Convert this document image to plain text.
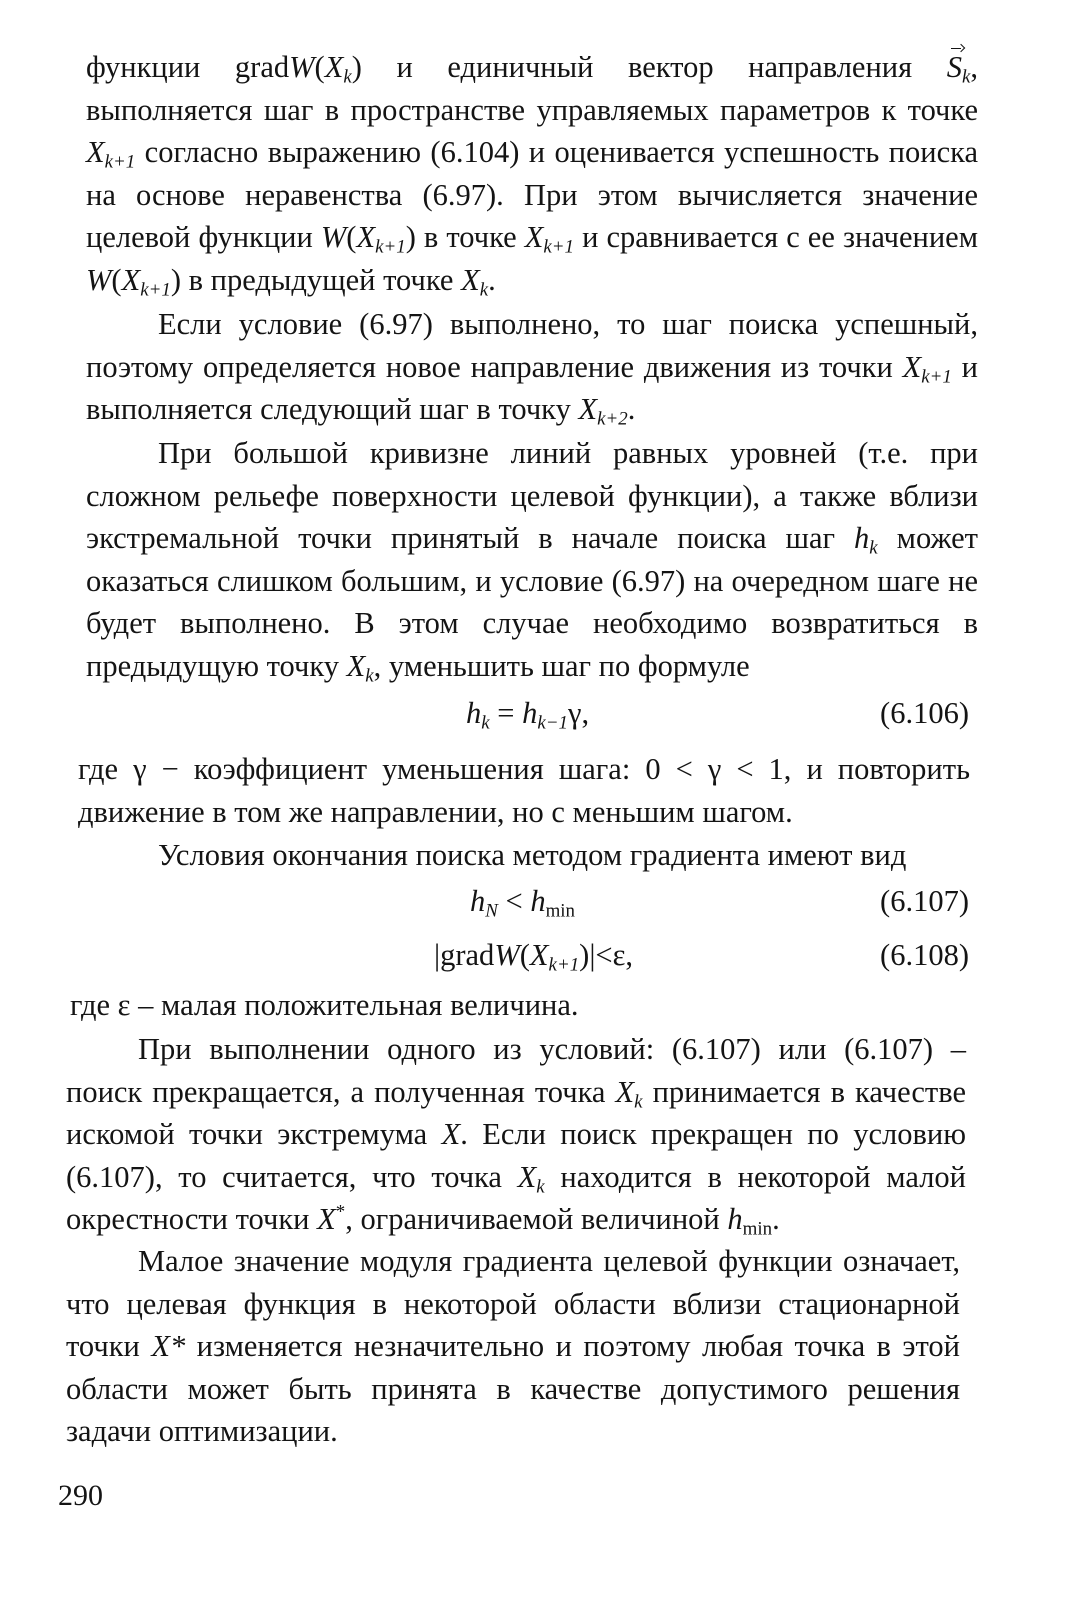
функции $gradW(X_k)$ и единичный вектор направления $S_k$, выполняется шаг в пространстве управляемых параметров к точке $X_{k+1}$ согласно выражению (6.104) и оценивается успешность поиска на основе неравенства (6.97). При этом вычисляется значение целевой функции $W(X_{k+1})$ в точке $X_{k+1}$ и сравнивается с ее значением $W(X_{k+1})$ в предыдущей точке $X_k$.

Если условие (6.97) выполнено, то шаг поиска успешный, поэтому определяется новое направление движения из точки $X_{k+1}$ и выполняется следующий шаг в точку $X_{k+2}$.

При большой кривизне линий равных уровней (т.е. при сложном рельефе поверхности целевой функции), а также вблизи экстремальной точки принятый в начале поиска шаг $h_k$ может оказаться слишком большим, и условие (6.97) на очередном шаге не будет выполнено. В этом случае необходимо возвратиться в предыдущую точку $X_k$, уменьшить шаг по формуле

$h_k = h_{k-1}\gamma$,	(6.106)

где γ − коэффициент уменьшения шага: 0 < γ < 1, и повторить движение в том же направлении, но с меньшим шагом.

Условия окончания поиска методом градиента имеют вид

$h_N < h_{min}$	(6.107)
$|gradW(X_{k+1})|<\varepsilon$,	(6.108)

где ε – малая положительная величина.

При выполнении одного из условий: (6.107) или (6.107) – поиск прекращается, а полученная точка $X_k$ принимается в качестве искомой точки экстремума X. Если поиск прекращен по условию (6.107), то считается, что точка $X_k$ находится в некоторой малой окрестности точки X*, ограничиваемой величиной $h_{min}$.

Малое значение модуля градиента целевой функции означает, что целевая функция в некоторой области вблизи стационарной точки X* изменяется незначительно и поэтому любая точка в этой области может быть принята в качестве допустимого решения задачи оптимизации.

290
